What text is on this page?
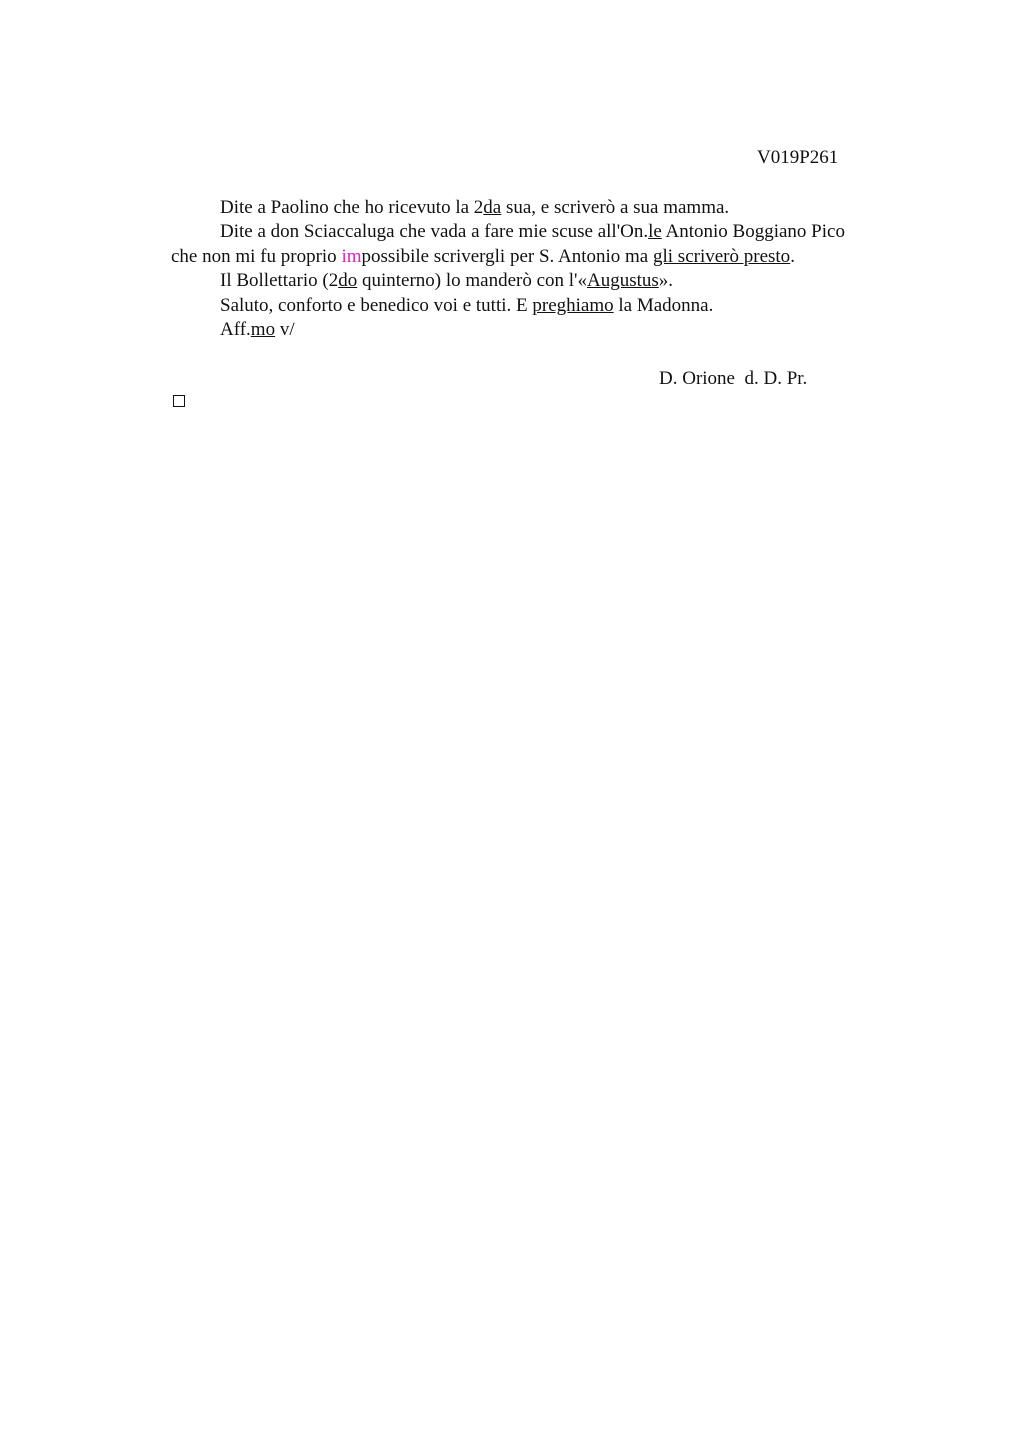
V019P261

Dite a Paolino che ho ricevuto la 2da sua, e scriverò a sua mamma.

Dite a don Sciaccaluga che vada a fare mie scuse all'On.le Antonio Boggiano Pico

che non mi fu proprio impossibile scrivergli per S. Antonio ma gli scriverò presto.

Il Bollettario (2do quinterno) lo manderò con l'«Augustus».

Saluto, conforto e benedico voi e tutti. E preghiamo la Madonna.

Aff.mo v/

D. Orione  d. D. Pr.
